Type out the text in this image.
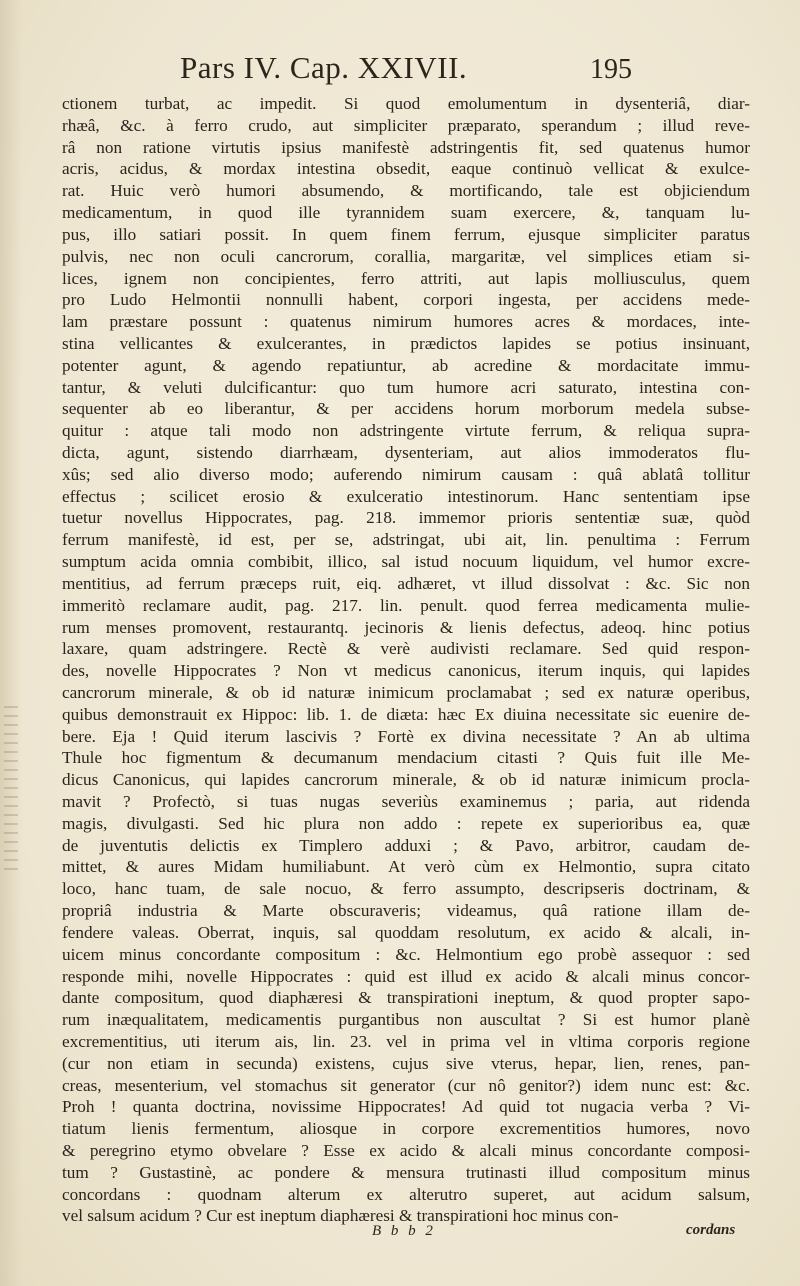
Pars IV. Cap. XXIVII.	195
ctionem turbat, ac impedit. Si quod emolumentum in dysenteriâ, diar-
rhæâ, &c. à ferro crudo, aut simpliciter præparato, sperandum ; illud reve-
râ non ratione virtutis ipsius manifestè adstringentis fit, sed quatenus humor
acris, acidus, & mordax intestina obsedit, eaque continuò vellicat & exulce-
rat. Huic verò humori absumendo, & mortificando, tale est objiciendum
medicamentum, in quod ille tyrannidem suam exercere, &, tanquam lu-
pus, illo satiari possit. In quem finem ferrum, ejusque simpliciter paratus
pulvis, nec non oculi cancrorum, corallia, margaritæ, vel simplices etiam si-
lices, ignem non concipientes, ferro attriti, aut lapis molliusculus, quem
pro Ludo Helmontii nonnulli habent, corpori ingesta, per accidens mede-
lam præstare possunt : quatenus nimirum humores acres & mordaces, inte-
stina vellicantes & exulcerantes, in prædictos lapides se potius insinuant,
potenter agunt, & agendo repatiuntur, ab acredine & mordacitate immu-
tantur, & veluti dulcificantur: quo tum humore acri saturato, intestina con-
sequenter ab eo liberantur, & per accidens horum morborum medela subse-
quitur : atque tali modo non adstringente virtute ferrum, & reliqua supra-
dicta, agunt, sistendo diarrhæam, dysenteriam, aut alios immoderatos flu-
xûs; sed alio diverso modo; auferendo nimirum causam : quâ ablatâ tollitur
effectus ; scilicet erosio & exulceratio intestinorum. Hanc sententiam ipse
tuetur novellus Hippocrates, pag. 218. immemor prioris sententiæ suæ, quòd
ferrum manifestè, id est, per se, adstringat, ubi ait, lin. penultima : Ferrum
sumptum acida omnia combibit, illico, sal istud nocuum liquidum, vel humor excre-
mentitius, ad ferrum præceps ruit, eiq. adhæret, vt illud dissolvat : &c. Sic non
immeritò reclamare audit, pag. 217. lin. penult. quod ferrea medicamenta mulie-
rum menses promovent, restaurantq. jecinoris & lienis defectus, adeoq. hinc potius
laxare, quam adstringere. Rectè & verè audivisti reclamare. Sed quid respon-
des, novelle Hippocrates ? Non vt medicus canonicus, iterum inquis, qui lapides
cancrorum minerale, & ob id naturæ inimicum proclamabat ; sed ex naturæ operibus,
quibus demonstrauit ex Hippoc: lib. 1. de diæta: hæc Ex diuina necessitate sic euenire de-
bere. Eja ! Quid iterum lascivis ? Fortè ex divina necessitate ? An ab ultima
Thule hoc figmentum & decumanum mendacium citasti ? Quis fuit ille Me-
dicus Canonicus, qui lapides cancrorum minerale, & ob id naturæ inimicum procla-
mavit ? Profectò, si tuas nugas severiùs examinemus ; paria, aut ridenda
magis, divulgasti. Sed hic plura non addo : repete ex superioribus ea, quæ
de juventutis delictis ex Timplero adduxi ; & Pavo, arbitror, caudam de-
mittet, & aures Midam humiliabunt. At verò cùm ex Helmontio, supra citato
loco, hanc tuam, de sale nocuo, & ferro assumpto, descripseris doctrinam, &
propriâ industria & Marte obscuraveris; videamus, quâ ratione illam de-
fendere valeas. Oberrat, inquis, sal quoddam resolutum, ex acido & alcali, in-
uicem minus concordante compositum : &c. Helmontium ego probè assequor : sed
responde mihi, novelle Hippocrates : quid est illud ex acido & alcali minus concor-
dante compositum, quod diaphæresi & transpirationi ineptum, & quod propter sapo-
rum inæqualitatem, medicamentis purgantibus non auscultat ? Si est humor planè
excrementitius, uti iterum ais, lin. 23. vel in prima vel in vltima corporis regione
(cur non etiam in secunda) existens, cujus sive vterus, hepar, lien, renes, pan-
creas, mesenterium, vel stomachus sit generator (cur nô genitor?) idem nunc est: &c.
Proh ! quanta doctrina, novissime Hippocrates! Ad quid tot nugacia verba ? Vi-
tiatum lienis fermentum, aliosque in corpore excrementitios humores, novo
& peregrino etymo obvelare ? Esse ex acido & alcali minus concordante composi-
tum ? Gustastinè, ac pondere & mensura trutinasti illud compositum minus
concordans : quodnam alterum ex alterutro superet, aut acidum salsum,
vel salsum acidum ? Cur est ineptum diaphæresi & transpirationi hoc minus con-
B b b 2	cordans
